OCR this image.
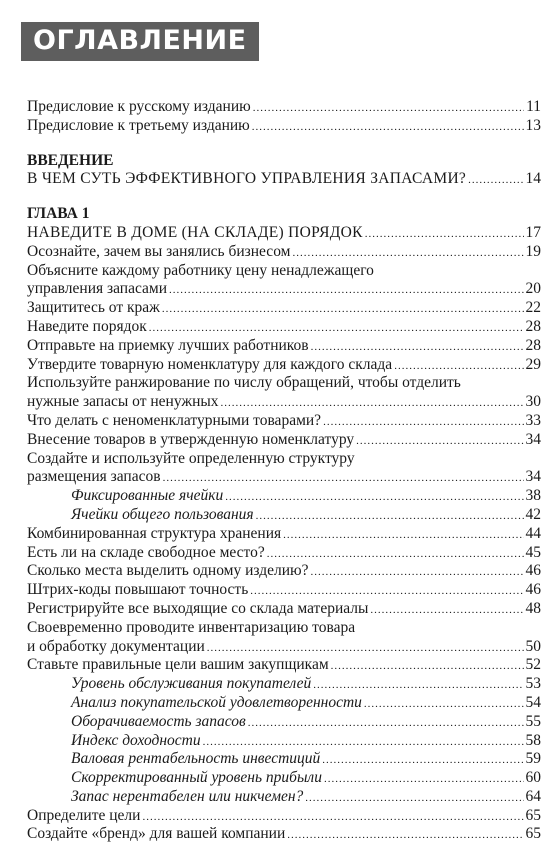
ОГЛАВЛЕНИЕ
Предисловие к русскому изданию .....	11
Предисловие к третьему изданию .....	13
ВВЕДЕНИЕ
В ЧЕМ СУТЬ ЭФФЕКТИВНОГО УПРАВЛЕНИЯ ЗАПАСАМИ? .....	14
ГЛАВА 1
НАВЕДИТЕ В ДОМЕ (НА СКЛАДЕ) ПОРЯДОК .....	17
Осознайте, зачем вы занялись бизнесом .....	19
Объясните каждому работнику цену ненадлежащего
управления запасами .....	20
Защититесь от краж .....	22
Наведите порядок .....	28
Отправьте на приемку лучших работников .....	28
Утвердите товарную номенклатуру для каждого склада .....	29
Используйте ранжирование по числу обращений, чтобы отделить
нужные запасы от ненужных .....	30
Что делать с неноменклатурными товарами? .....	33
Внесение товаров в утвержденную номенклатуру .....	34
Создайте и используйте определенную структуру
размещения запасов .....	34
Фиксированные ячейки .....	38
Ячейки общего пользования .....	42
Комбинированная структура хранения .....	44
Есть ли на складе свободное место? .....	45
Сколько места выделить одному изделию? .....	46
Штрих-коды повышают точность .....	46
Регистрируйте все выходящие со склада материалы .....	48
Своевременно проводите инвентаризацию товара
и обработку документации .....	50
Ставьте правильные цели вашим закупщикам .....	52
Уровень обслуживания покупателей .....	53
Анализ покупательской удовлетворенности .....	54
Оборачиваемость запасов .....	55
Индекс доходности .....	58
Валовая рентабельность инвестиций .....	59
Скорректированный уровень прибыли .....	60
Запас нерентабелен или никчемен? .....	64
Определите цели .....	65
Создайте «бренд» для вашей компании .....	65
